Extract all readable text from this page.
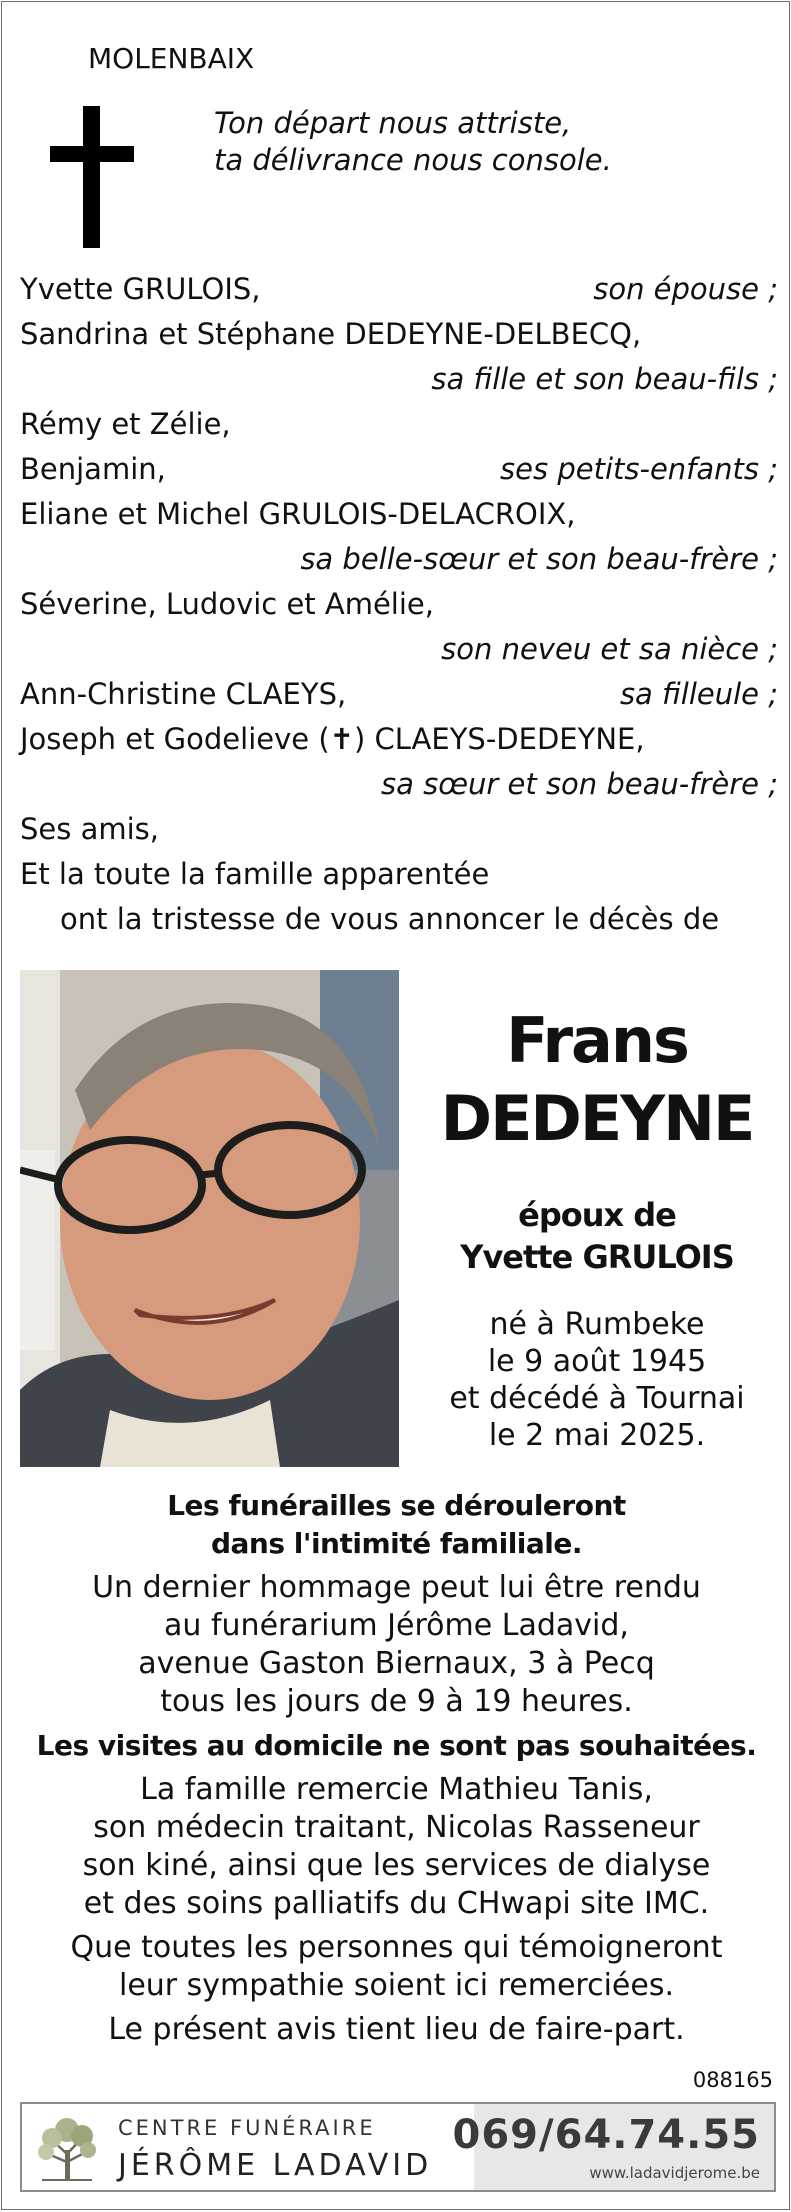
MOLENBAIX
Ton départ nous attriste,
ta délivrance nous console.
Yvette GRULOIS,	son épouse ;
Sandrina et Stéphane DEDEYNE-DELBECQ,
sa fille et son beau-fils ;
Rémy et Zélie,
Benjamin,	ses petits-enfants ;
Eliane et Michel GRULOIS-DELACROIX,
sa belle-sœur et son beau-frère ;
Séverine, Ludovic et Amélie,
son neveu et sa nièce ;
Ann-Christine CLAEYS,	sa filleule ;
Joseph et Godelieve (✝) CLAEYS-DEDEYNE,
sa sœur et son beau-frère ;
Ses amis,
Et la toute la famille apparentée
ont la tristesse de vous annoncer le décès de
Frans
DEDEYNE
époux de
Yvette GRULOIS
né à Rumbeke
le 9 août 1945
et décédé à Tournai
le 2 mai 2025.
Les funérailles se dérouleront
dans l'intimité familiale.
Un dernier hommage peut lui être rendu
au funérarium Jérôme Ladavid,
avenue Gaston Biernaux, 3 à Pecq
tous les jours de 9 à 19 heures.
Les visites au domicile ne sont pas souhaitées.
La famille remercie Mathieu Tanis,
son médecin traitant, Nicolas Rasseneur
son kiné, ainsi que les services de dialyse
et des soins palliatifs du CHwapi site IMC.
Que toutes les personnes qui témoigneront
leur sympathie soient ici remerciées.
Le présent avis tient lieu de faire-part.
088165
CENTRE FUNÉRAIRE
JÉRÔME LADAVID
069/64.74.55
www.ladavidjerome.be
